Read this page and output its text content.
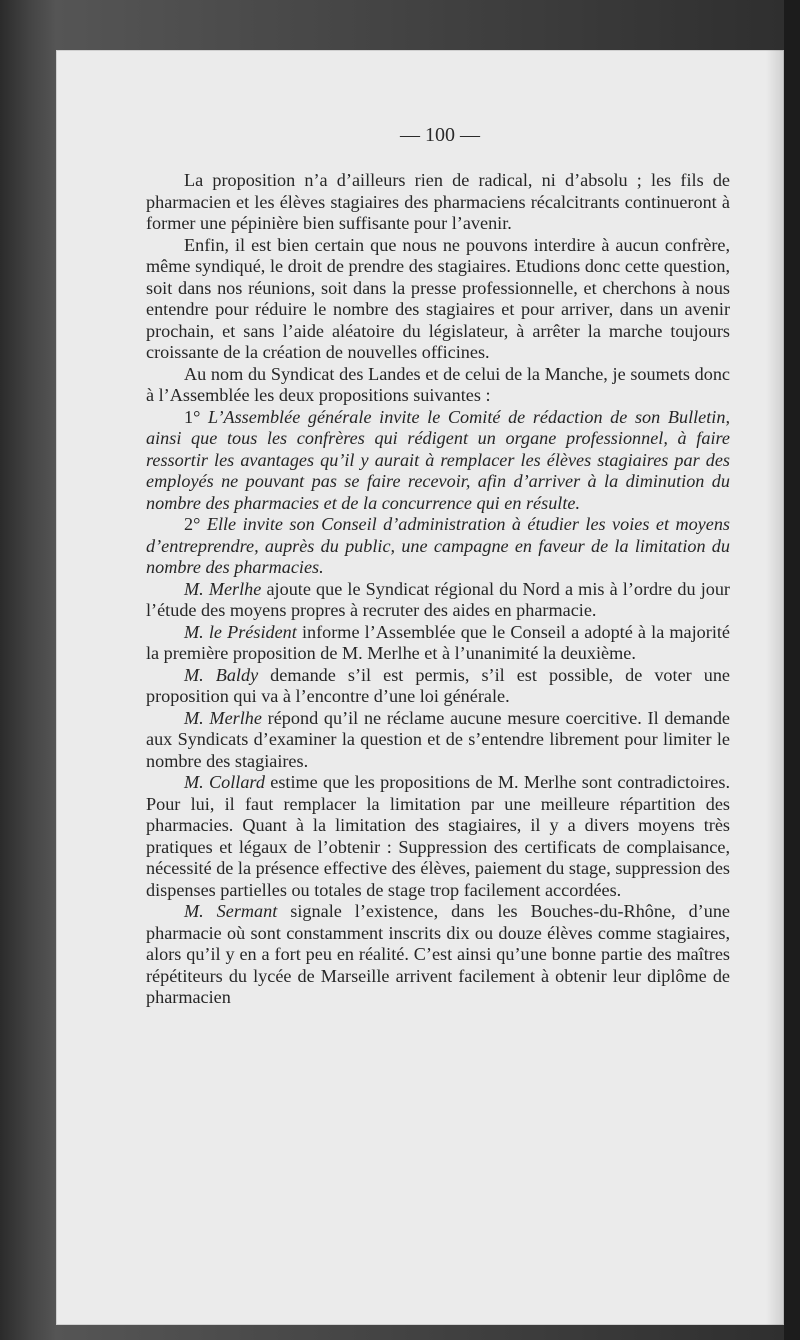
— 100 —

La proposition n’a d’ailleurs rien de radical, ni d’absolu ; les fils de pharmacien et les élèves stagiaires des pharmaciens récalcitrants continueront à former une pépinière bien suffisante pour l’avenir.

Enfin, il est bien certain que nous ne pouvons interdire à aucun confrère, même syndiqué, le droit de prendre des stagiaires. Etudions donc cette question, soit dans nos réunions, soit dans la presse professionnelle, et cherchons à nous entendre pour réduire le nombre des stagiaires et pour arriver, dans un avenir prochain, et sans l’aide aléatoire du législateur, à arrêter la marche toujours croissante de la création de nouvelles officines.

Au nom du Syndicat des Landes et de celui de la Manche, je soumets donc à l’Assemblée les deux propositions suivantes :

1° L’Assemblée générale invite le Comité de rédaction de son Bulletin, ainsi que tous les confrères qui rédigent un organe professionnel, à faire ressortir les avantages qu’il y aurait à remplacer les élèves stagiaires par des employés ne pouvant pas se faire recevoir, afin d’arriver à la diminution du nombre des pharmacies et de la concurrence qui en résulte.

2° Elle invite son Conseil d’administration à étudier les voies et moyens d’entreprendre, auprès du public, une campagne en faveur de la limitation du nombre des pharmacies.

M. Merlhe ajoute que le Syndicat régional du Nord a mis à l’ordre du jour l’étude des moyens propres à recruter des aides en pharmacie.

M. le Président informe l’Assemblée que le Conseil a adopté à la majorité la première proposition de M. Merlhe et à l’unanimité la deuxième.

M. Baldy demande s’il est permis, s’il est possible, de voter une proposition qui va à l’encontre d’une loi générale.

M. Merlhe répond qu’il ne réclame aucune mesure coercitive. Il demande aux Syndicats d’examiner la question et de s’entendre librement pour limiter le nombre des stagiaires.

M. Collard estime que les propositions de M. Merlhe sont contradictoires. Pour lui, il faut remplacer la limitation par une meilleure répartition des pharmacies. Quant à la limitation des stagiaires, il y a divers moyens très pratiques et légaux de l’obtenir : Suppression des certificats de complaisance, nécessité de la présence effective des élèves, paiement du stage, suppression des dispenses partielles ou totales de stage trop facilement accordées.

M. Sermant signale l’existence, dans les Bouches-du-Rhône, d’une pharmacie où sont constamment inscrits dix ou douze élèves comme stagiaires, alors qu’il y en a fort peu en réalité. C’est ainsi qu’une bonne partie des maîtres répétiteurs du lycée de Marseille arrivent facilement à obtenir leur diplôme de pharmacien
